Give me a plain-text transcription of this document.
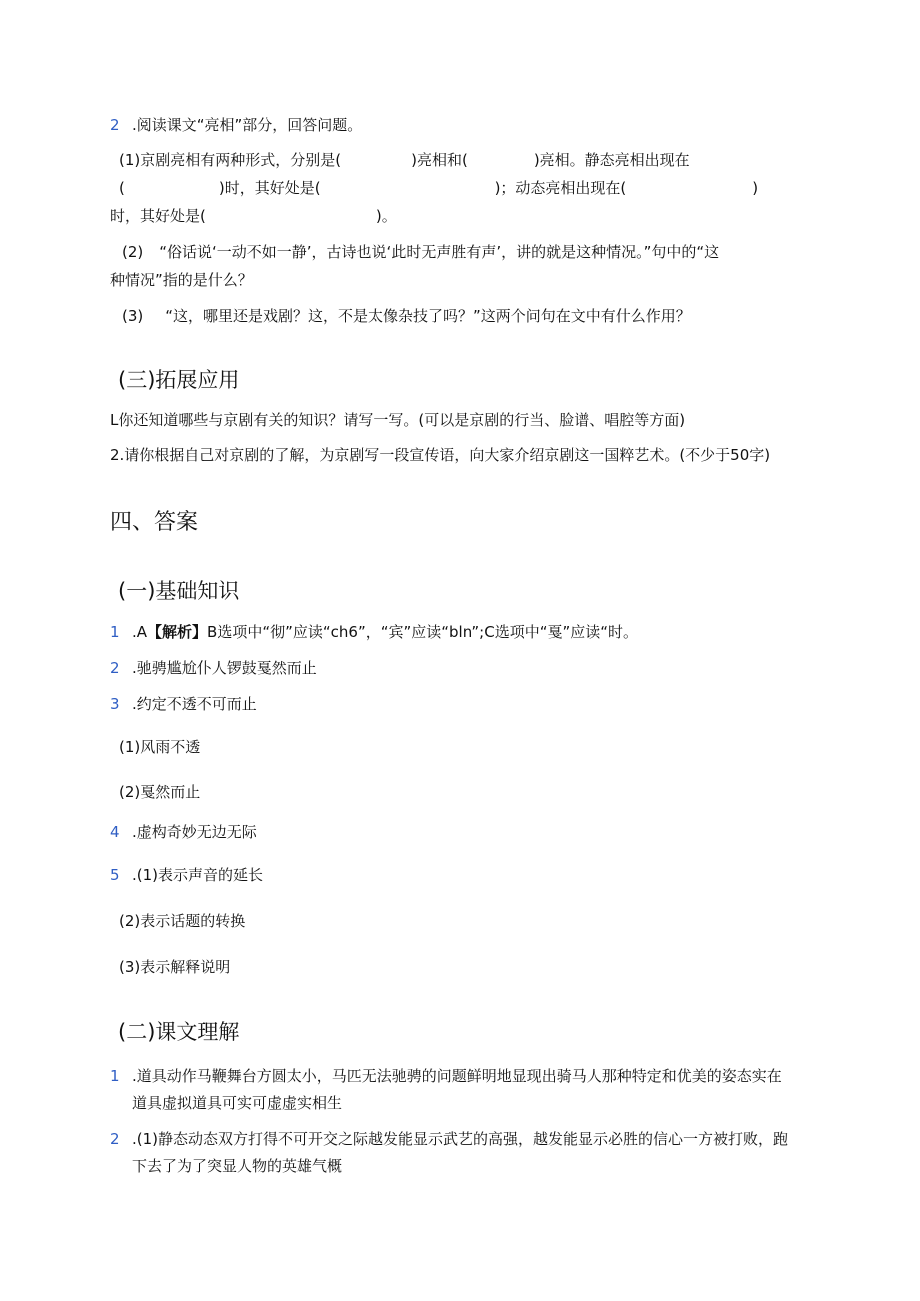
2 .阅读课文“亮相”部分，回答问题。
(1)京剧亮相有两种形式，分别是(	)亮相和(	)亮相。静态亮相出现在
(	)时，其好处是(	)；动态亮相出现在(	)
时，其好处是(	)。
(2) “俗话说‘一动不如一静’，古诗也说‘此时无声胜有声’，讲的就是这种情况。”句中的“这
种情况”指的是什么？
(3) “这，哪里还是戏剧？这，不是太像杂技了吗？”这两个问句在文中有什么作用？
(三)拓展应用
L你还知道哪些与京剧有关的知识？请写一写。(可以是京剧的行当、脸谱、唱腔等方面)
2.请你根据自己对京剧的了解，为京剧写一段宣传语，向大家介绍京剧这一国粹艺术。(不少于50字)
四、答案
(一)基础知识
1 .A【解析】B选项中“彻”应读“ch6”，“宾”应读“bln”;C选项中“戛”应读“时。
2 .驰骋尴尬仆人锣鼓戛然而止
3 .约定不透不可而止
(1)风雨不透
(2)戛然而止
4 .虚构奇妙无边无际
5 .(1)表示声音的延长
(2)表示话题的转换
(3)表示解释说明
(二)课文理解
1 .道具动作马鞭舞台方圆太小，马匹无法驰骋的问题鲜明地显现出骑马人那种特定和优美的姿态实在
道具虚拟道具可实可虚虚实相生
2 .(1)静态动态双方打得不可开交之际越发能显示武艺的高强，越发能显示必胜的信心一方被打败，跑
下去了为了突显人物的英雄气概
